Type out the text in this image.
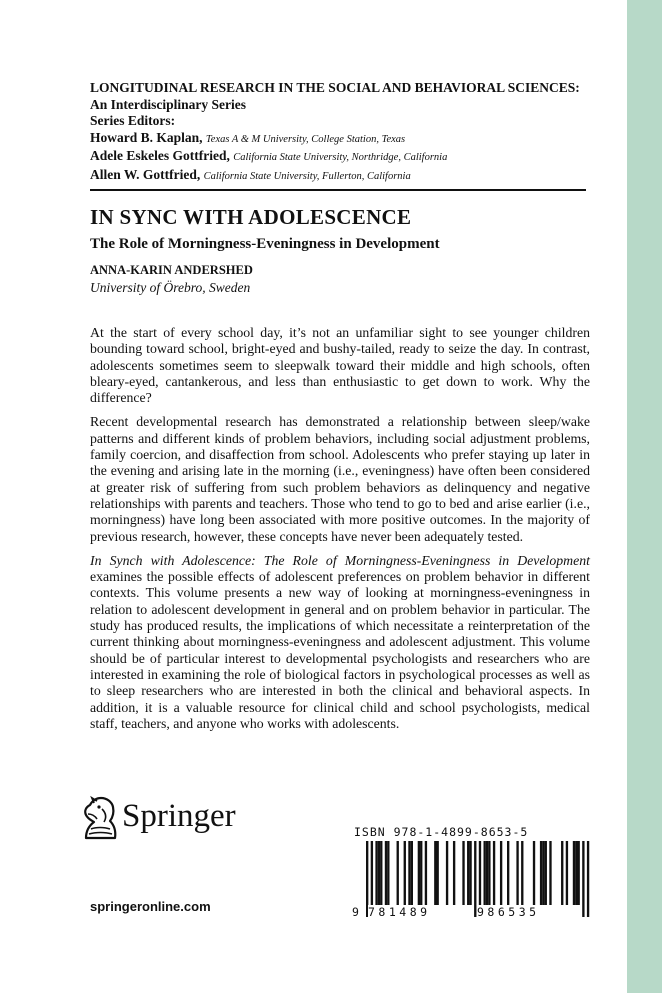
LONGITUDINAL RESEARCH IN THE SOCIAL AND BEHAVIORAL SCIENCES:
An Interdisciplinary Series
Series Editors:
Howard B. Kaplan, Texas A & M University, College Station, Texas
Adele Eskeles Gottfried, California State University, Northridge, California
Allen W. Gottfried, California State University, Fullerton, California
IN SYNC WITH ADOLESCENCE
The Role of Morningness-Eveningness in Development
ANNA-KARIN ANDERSHED
University of Örebro, Sweden

At the start of every school day, it’s not an unfamiliar sight to see younger children bounding toward school, bright-eyed and bushy-tailed, ready to seize the day. In contrast, adolescents sometimes seem to sleepwalk toward their middle and high schools, often bleary-eyed, cantankerous, and less than enthusiastic to get down to work. Why the difference?

Recent developmental research has demonstrated a relationship between sleep/wake patterns and different kinds of problem behaviors, including social adjustment problems, family coercion, and disaffection from school. Adolescents who prefer staying up later in the evening and arising late in the morning (i.e., eveningness) have often been considered at greater risk of suffering from such problem behaviors as delinquency and negative relationships with parents and teachers. Those who tend to go to bed and arise earlier (i.e., morningness) have long been associated with more positive outcomes. In the majority of previous research, however, these concepts have never been adequately tested.

In Synch with Adolescence: The Role of Morningness-Eveningness in Development examines the possible effects of adolescent preferences on problem behavior in different contexts. This volume presents a new way of looking at morningness-eveningness in relation to adolescent development in general and on problem behavior in particular. The study has produced results, the implications of which necessitate a reinterpretation of the current thinking about morningness-eveningness and adolescent adjustment. This volume should be of particular interest to developmental psychologists and researchers who are interested in examining the role of biological factors in psychological processes as well as to sleep researchers who are interested in both the clinical and behavioral aspects. In addition, it is a valuable resource for clinical child and school psychologists, medical staff, teachers, and anyone who works with adolescents.

Springer
springeronline.com
ISBN 978-1-4899-8653-5
9 781489	986535
